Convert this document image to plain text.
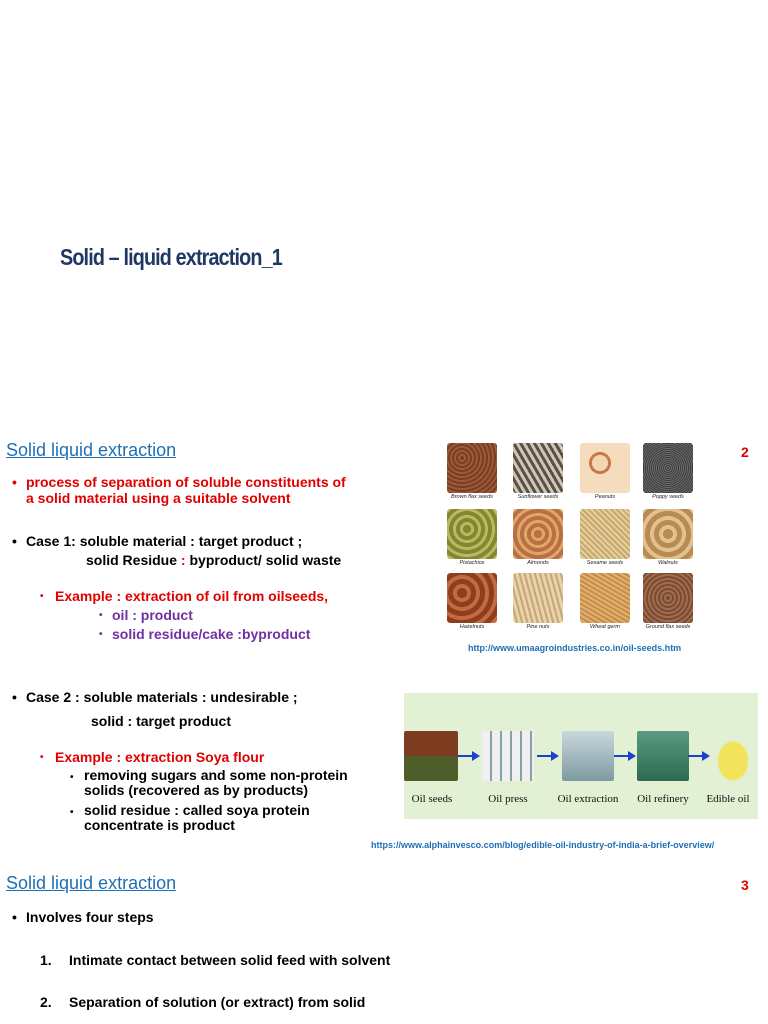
Solid – liquid extraction_1
Solid liquid extraction	2
• process of separation of soluble constituents of
a solid material using a suitable solvent
• Case 1: soluble material : target product ;
solid Residue : byproduct/ solid waste
• Example : extraction of oil from oilseeds,
• oil : product
• solid residue/cake :byproduct
Brown flax seeds	Sunflower seeds	Peanuts	Poppy seeds
Pistachios	Almonds	Sesame seeds	Walnuts
Hazelnuts	Pine nuts	Wheat germ	Ground flax seeds
http://www.umaagroindustries.co.in/oil-seeds.htm
• Case 2 : soluble materials : undesirable ;
solid : target product
• Example : extraction Soya flour
• removing sugars and some non-protein
solids (recovered as by products)
• solid residue : called soya protein
concentrate is product
Oil seeds	Oil press	Oil extraction	Oil refinery	Edible oil
https://www.alphainvesco.com/blog/edible-oil-industry-of-india-a-brief-overview/
Solid liquid extraction	3
• Involves four steps
1. Intimate contact between solid feed with solvent
2. Separation of solution (or extract) from solid
